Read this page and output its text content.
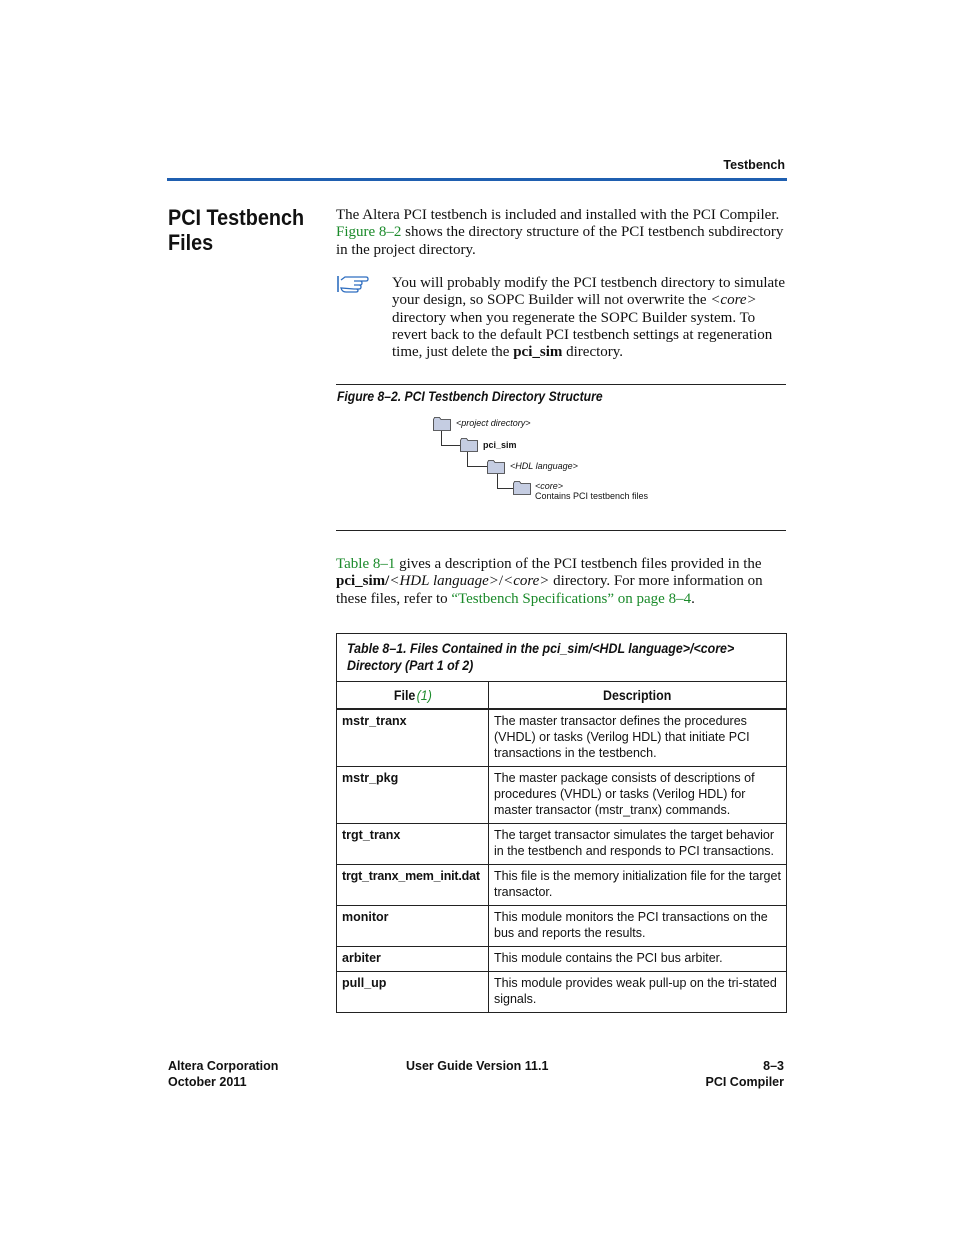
Testbench
PCI Testbench Files
The Altera PCI testbench is included and installed with the PCI Compiler. Figure 8–2 shows the directory structure of the PCI testbench subdirectory in the project directory.
You will probably modify the PCI testbench directory to simulate your design, so SOPC Builder will not overwrite the <core> directory when you regenerate the SOPC Builder system. To revert back to the default PCI testbench settings at regeneration time, just delete the pci_sim directory.
Figure 8–2. PCI Testbench Directory Structure
<project directory>
pci_sim
<HDL language>
<core>
Contains PCI testbench files
Table 8–1 gives a description of the PCI testbench files provided in the pci_sim/<HDL language>/<core> directory. For more information on these files, refer to “Testbench Specifications” on page 8–4.
Table 8–1. Files Contained in the pci_sim/<HDL language>/<core>
Directory (Part 1 of 2)	
File (1)	Description
mstr_tranx	The master transactor defines the procedures (VHDL) or tasks (Verilog HDL) that initiate PCI transactions in the testbench.
mstr_pkg	The master package consists of descriptions of procedures (VHDL) or tasks (Verilog HDL) for master transactor (mstr_tranx) commands.
trgt_tranx	The target transactor simulates the target behavior in the testbench and responds to PCI transactions.
trgt_tranx_mem_init.dat	This file is the memory initialization file for the target transactor.
monitor	This module monitors the PCI transactions on the bus and reports the results.
arbiter	This module contains the PCI bus arbiter.
pull_up	This module provides weak pull-up on the tri-stated signals.
Altera Corporation
October 2011
User Guide Version 11.1	8–3
PCI Compiler
